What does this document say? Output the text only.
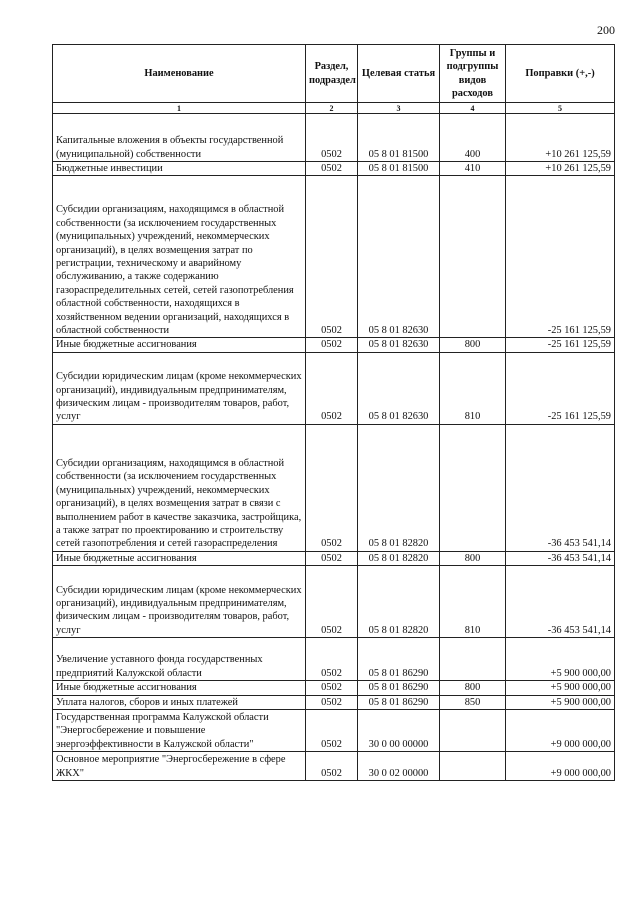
200
Наименование	Раздел, подраздел	Целевая статья	Группы и подгруппы видов расходов	Поправки (+,-)
1	2	3	4	5
Капитальные вложения в объекты государственной (муниципальной) собственности	0502	05 8 01 81500	400	+10 261 125,59
Бюджетные инвестиции	0502	05 8 01 81500	410	+10 261 125,59
Субсидии организациям, находящимся в областной собственности (за исключением государственных (муниципальных) учреждений, некоммерческих организаций), в целях возмещения затрат по регистрации, техническому и аварийному обслуживанию, а также содержанию газораспределительных сетей, сетей газопотребления областной собственности, находящихся в хозяйственном ведении организаций, находящихся в областной собственности	0502	05 8 01 82630		-25 161 125,59
Иные бюджетные ассигнования	0502	05 8 01 82630	800	-25 161 125,59
Субсидии юридическим лицам (кроме некоммерческих организаций), индивидуальным предпринимателям, физическим лицам - производителям товаров, работ, услуг	0502	05 8 01 82630	810	-25 161 125,59
Субсидии организациям, находящимся в областной собственности (за исключением государственных (муниципальных) учреждений, некоммерческих организаций), в целях возмещения затрат в связи с выполнением работ в качестве заказчика, застройщика, а также затрат по проектированию и строительству сетей газопотребления и сетей газораспределения	0502	05 8 01 82820		-36 453 541,14
Иные бюджетные ассигнования	0502	05 8 01 82820	800	-36 453 541,14
Субсидии юридическим лицам (кроме некоммерческих организаций), индивидуальным предпринимателям, физическим лицам - производителям товаров, работ, услуг	0502	05 8 01 82820	810	-36 453 541,14
Увеличение уставного фонда государственных предприятий Калужской области	0502	05 8 01 86290		+5 900 000,00
Иные бюджетные ассигнования	0502	05 8 01 86290	800	+5 900 000,00
Уплата налогов, сборов и иных платежей	0502	05 8 01 86290	850	+5 900 000,00
Государственная программа Калужской области "Энергосбережение и повышение энергоэффективности в Калужской области"	0502	30 0 00 00000		+9 000 000,00
Основное мероприятие "Энергосбережение в сфере ЖКХ"	0502	30 0 02 00000		+9 000 000,00
